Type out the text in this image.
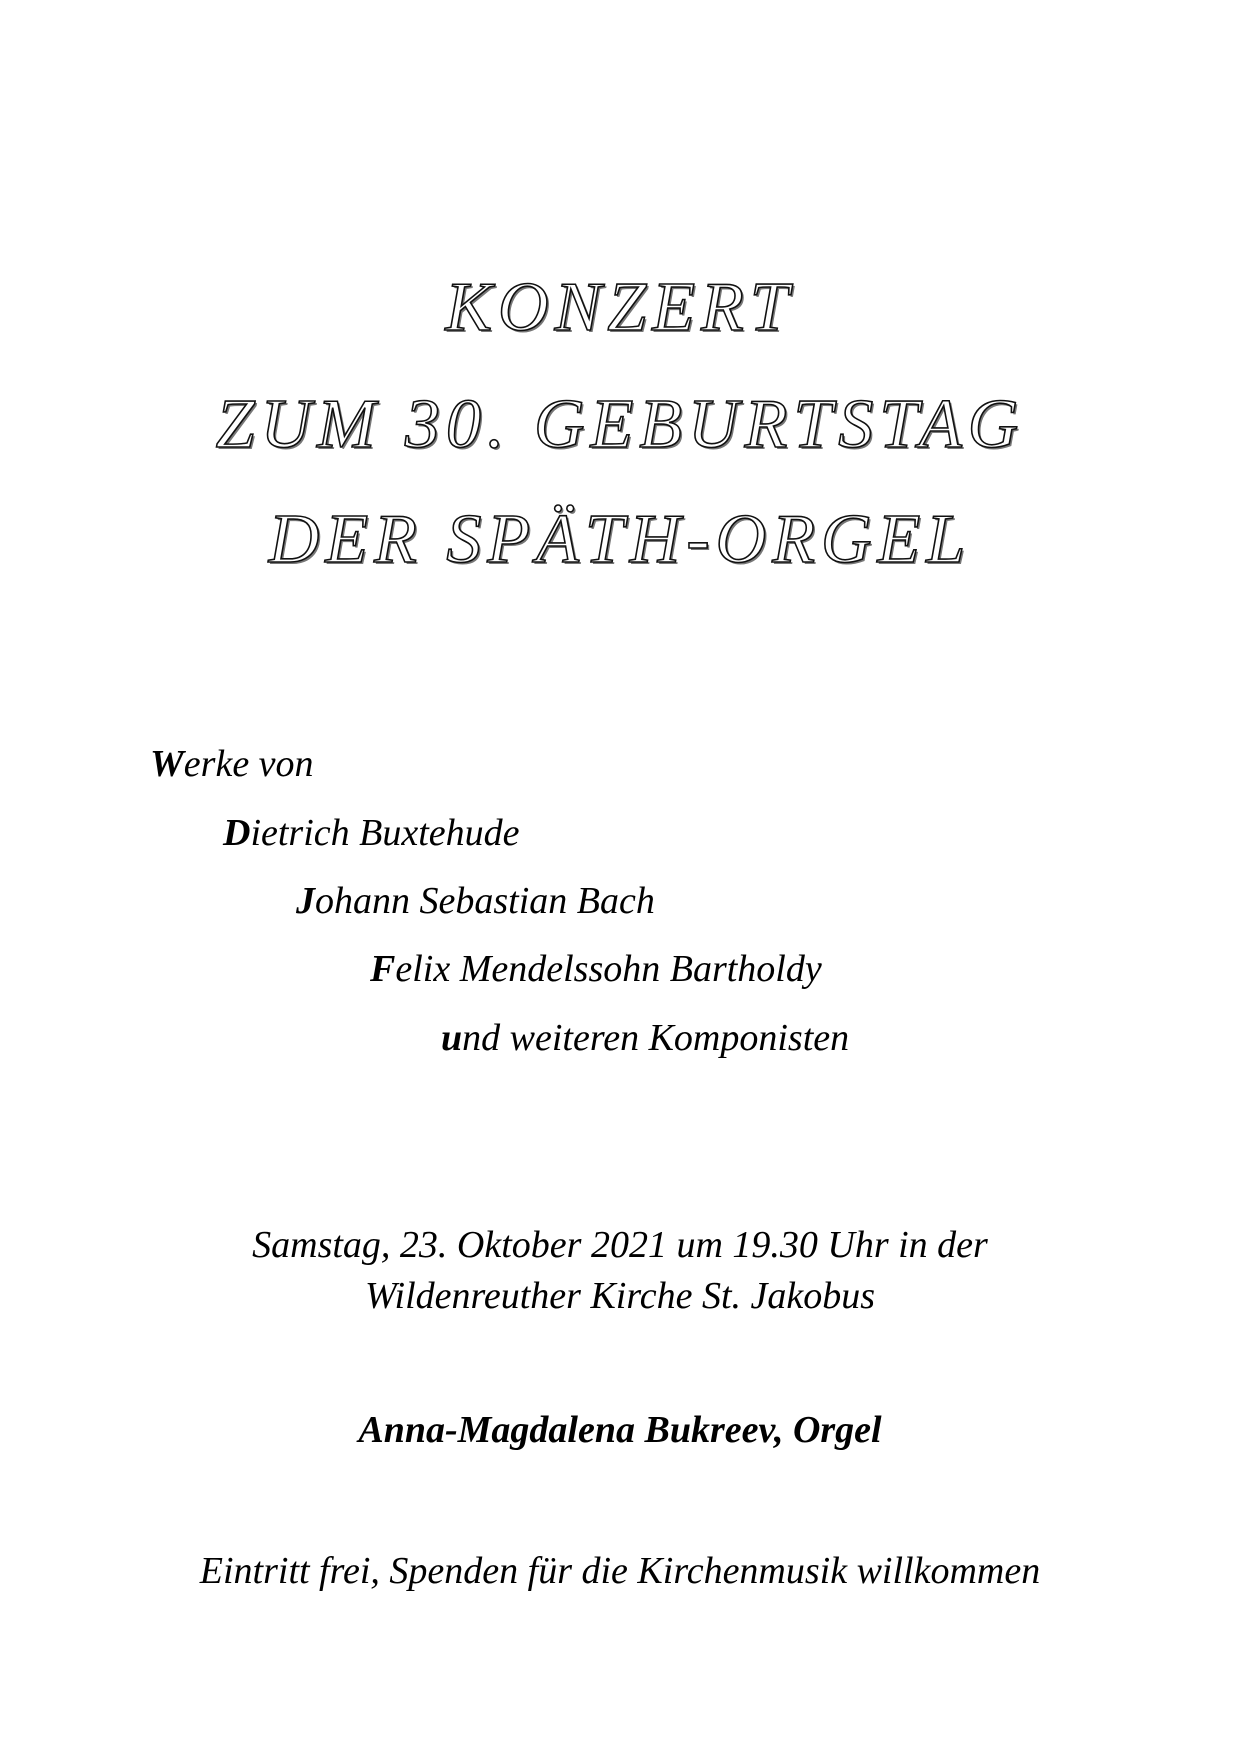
KONZERT
ZUM 30. GEBURTSTAG
DER SPÄTH-ORGEL
Werke von
Dietrich Buxtehude
Johann Sebastian Bach
Felix Mendelssohn Bartholdy
und weiteren Komponisten
Samstag, 23. Oktober 2021 um 19.30 Uhr in der
Wildenreuther Kirche St. Jakobus
Anna-Magdalena Bukreev, Orgel
Eintritt frei, Spenden für die Kirchenmusik willkommen
